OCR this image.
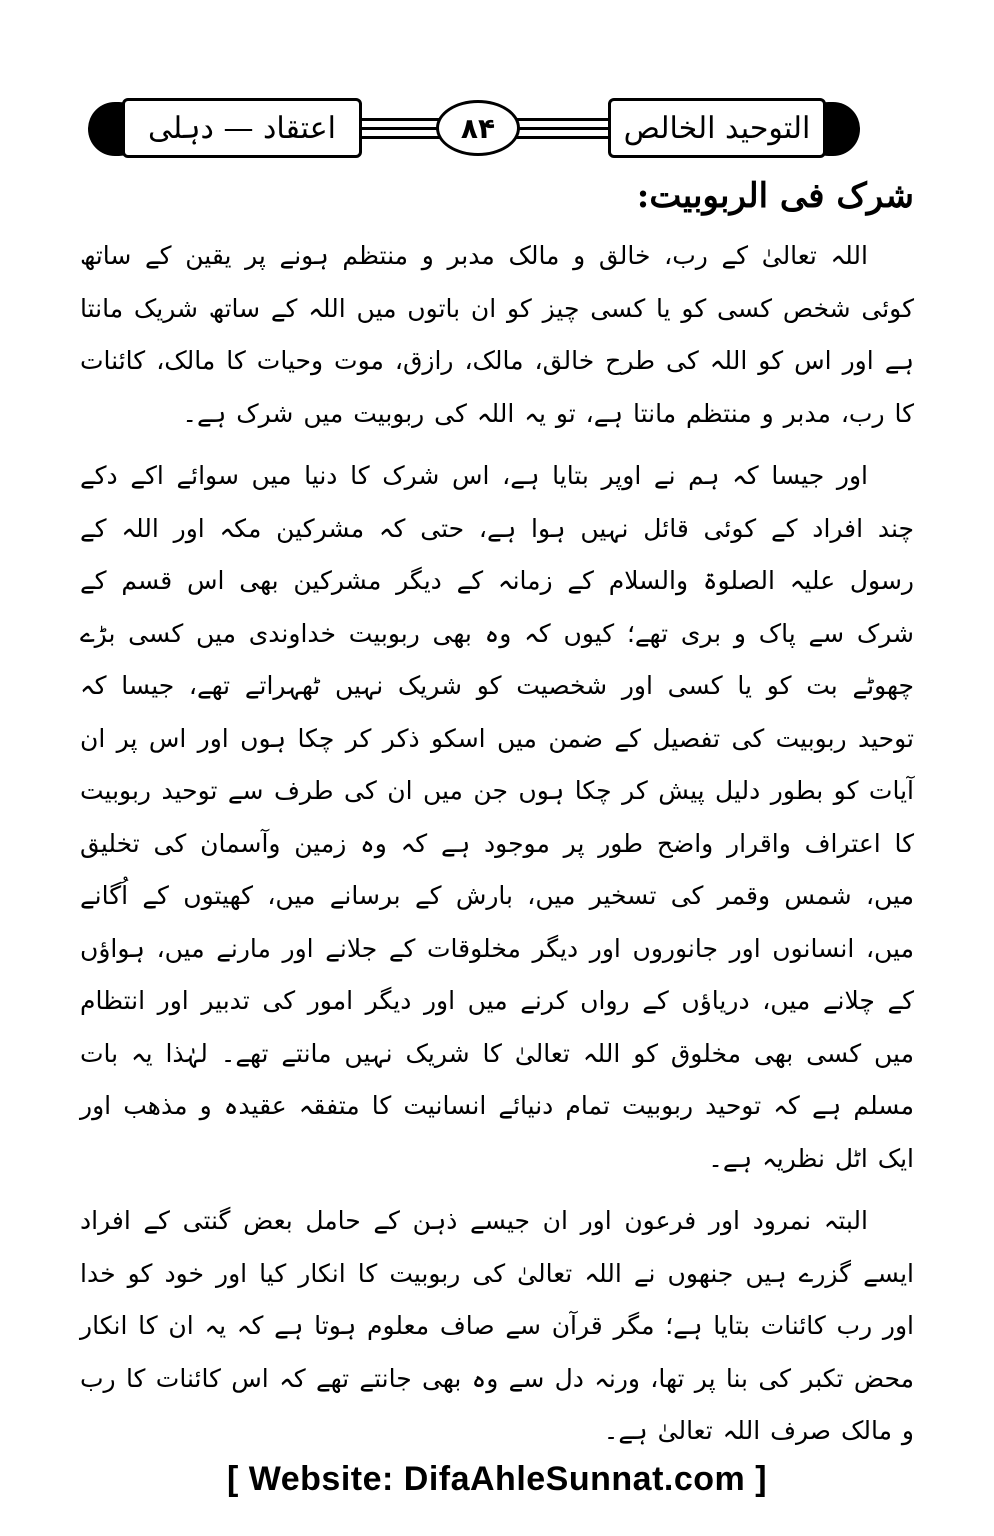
اعتقاد — دہلی	۸۴	التوحید الخالص
شرک فی الربوبیت:

اللہ تعالیٰ کے رب، خالق و مالک مدبر و منتظم ہونے پر یقین کے ساتھ کوئی شخص کسی کو یا کسی چیز کو ان باتوں میں اللہ کے ساتھ شریک مانتا ہے اور اس کو اللہ کی طرح خالق، مالک، رازق، موت وحیات کا مالک، کائنات کا رب، مدبر و منتظم مانتا ہے، تو یہ اللہ کی ربوبیت میں شرک ہے۔

اور جیسا کہ ہم نے اوپر بتایا ہے، اس شرک کا دنیا میں سوائے اکے دکے چند افراد کے کوئی قائل نہیں ہوا ہے، حتی کہ مشرکین مکہ اور اللہ کے رسول علیہ الصلوۃ والسلام کے زمانہ کے دیگر مشرکین بھی اس قسم کے شرک سے پاک و بری تھے؛ کیوں کہ وہ بھی ربوبیت خداوندی میں کسی بڑے چھوٹے بت کو یا کسی اور شخصیت کو شریک نہیں ٹھہراتے تھے، جیسا کہ توحید ربوبیت کی تفصیل کے ضمن میں اسکو ذکر کر چکا ہوں اور اس پر ان آیات کو بطور دلیل پیش کر چکا ہوں جن میں ان کی طرف سے توحید ربوبیت کا اعتراف واقرار واضح طور پر موجود ہے کہ وہ زمین وآسمان کی تخلیق میں، شمس وقمر کی تسخیر میں، بارش کے برسانے میں، کھیتوں کے اُگانے میں، انسانوں اور جانوروں اور دیگر مخلوقات کے جلانے اور مارنے میں، ہواؤں کے چلانے میں، دریاؤں کے رواں کرنے میں اور دیگر امور کی تدبیر اور انتظام میں کسی بھی مخلوق کو اللہ تعالیٰ کا شریک نہیں مانتے تھے۔ لہٰذا یہ بات مسلم ہے کہ توحید ربوبیت تمام دنیائے انسانیت کا متفقہ عقیدہ و مذھب اور ایک اٹل نظریہ ہے۔

البتہ نمرود اور فرعون اور ان جیسے ذہن کے حامل بعض گنتی کے افراد ایسے گزرے ہیں جنھوں نے اللہ تعالیٰ کی ربوبیت کا انکار کیا اور خود کو خدا اور رب کائنات بتایا ہے؛ مگر قرآن سے صاف معلوم ہوتا ہے کہ یہ ان کا انکار محض تکبر کی بنا پر تھا، ورنہ دل سے وہ بھی جانتے تھے کہ اس کائنات کا رب و مالک صرف اللہ تعالیٰ ہے۔

[ Website: DifaAhleSunnat.com ]
